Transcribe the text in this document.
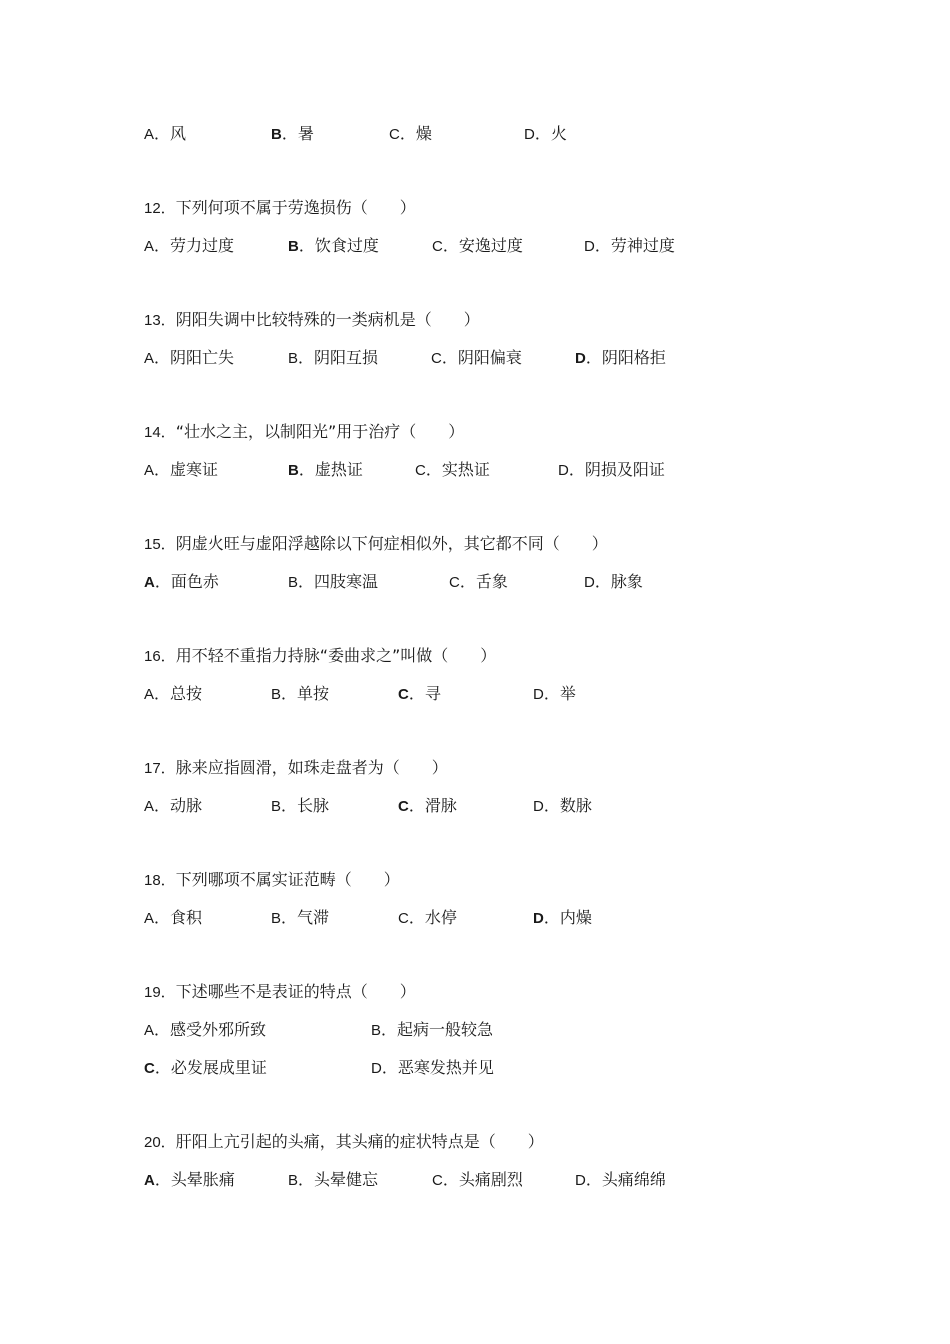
A．风	B．暑	C．燥	D．火
12．下列何项不属于劳逸损伤（　　）
A．劳力过度	B．饮食过度	C．安逸过度	D．劳神过度
13．阴阳失调中比较特殊的一类病机是（　　）
A．阴阳亡失	B．阴阳互损	C．阴阳偏衰	D．阴阳格拒
14．“壮水之主，以制阳光”用于治疗（　　）
A．虚寒证	B．虚热证	C．实热证	D．阴损及阳证
15．阴虚火旺与虚阳浮越除以下何症相似外，其它都不同（　　）
A．面色赤	B．四肢寒温	C．舌象	D．脉象
16．用不轻不重指力持脉“委曲求之”叫做（　　）
A．总按	B．单按	C．寻	D．举
17．脉来应指圆滑，如珠走盘者为（　　）
A．动脉	B．长脉	C．滑脉	D．数脉
18．下列哪项不属实证范畴（　　）
A．食积	B．气滞	C．水停	D．内燥
19．下述哪些不是表证的特点（　　）
A．感受外邪所致	B．起病一般较急
C．必发展成里证	D．恶寒发热并见
20．肝阳上亢引起的头痛，其头痛的症状特点是（　　）
A．头晕胀痛	B．头晕健忘	C．头痛剧烈	D．头痛绵绵
